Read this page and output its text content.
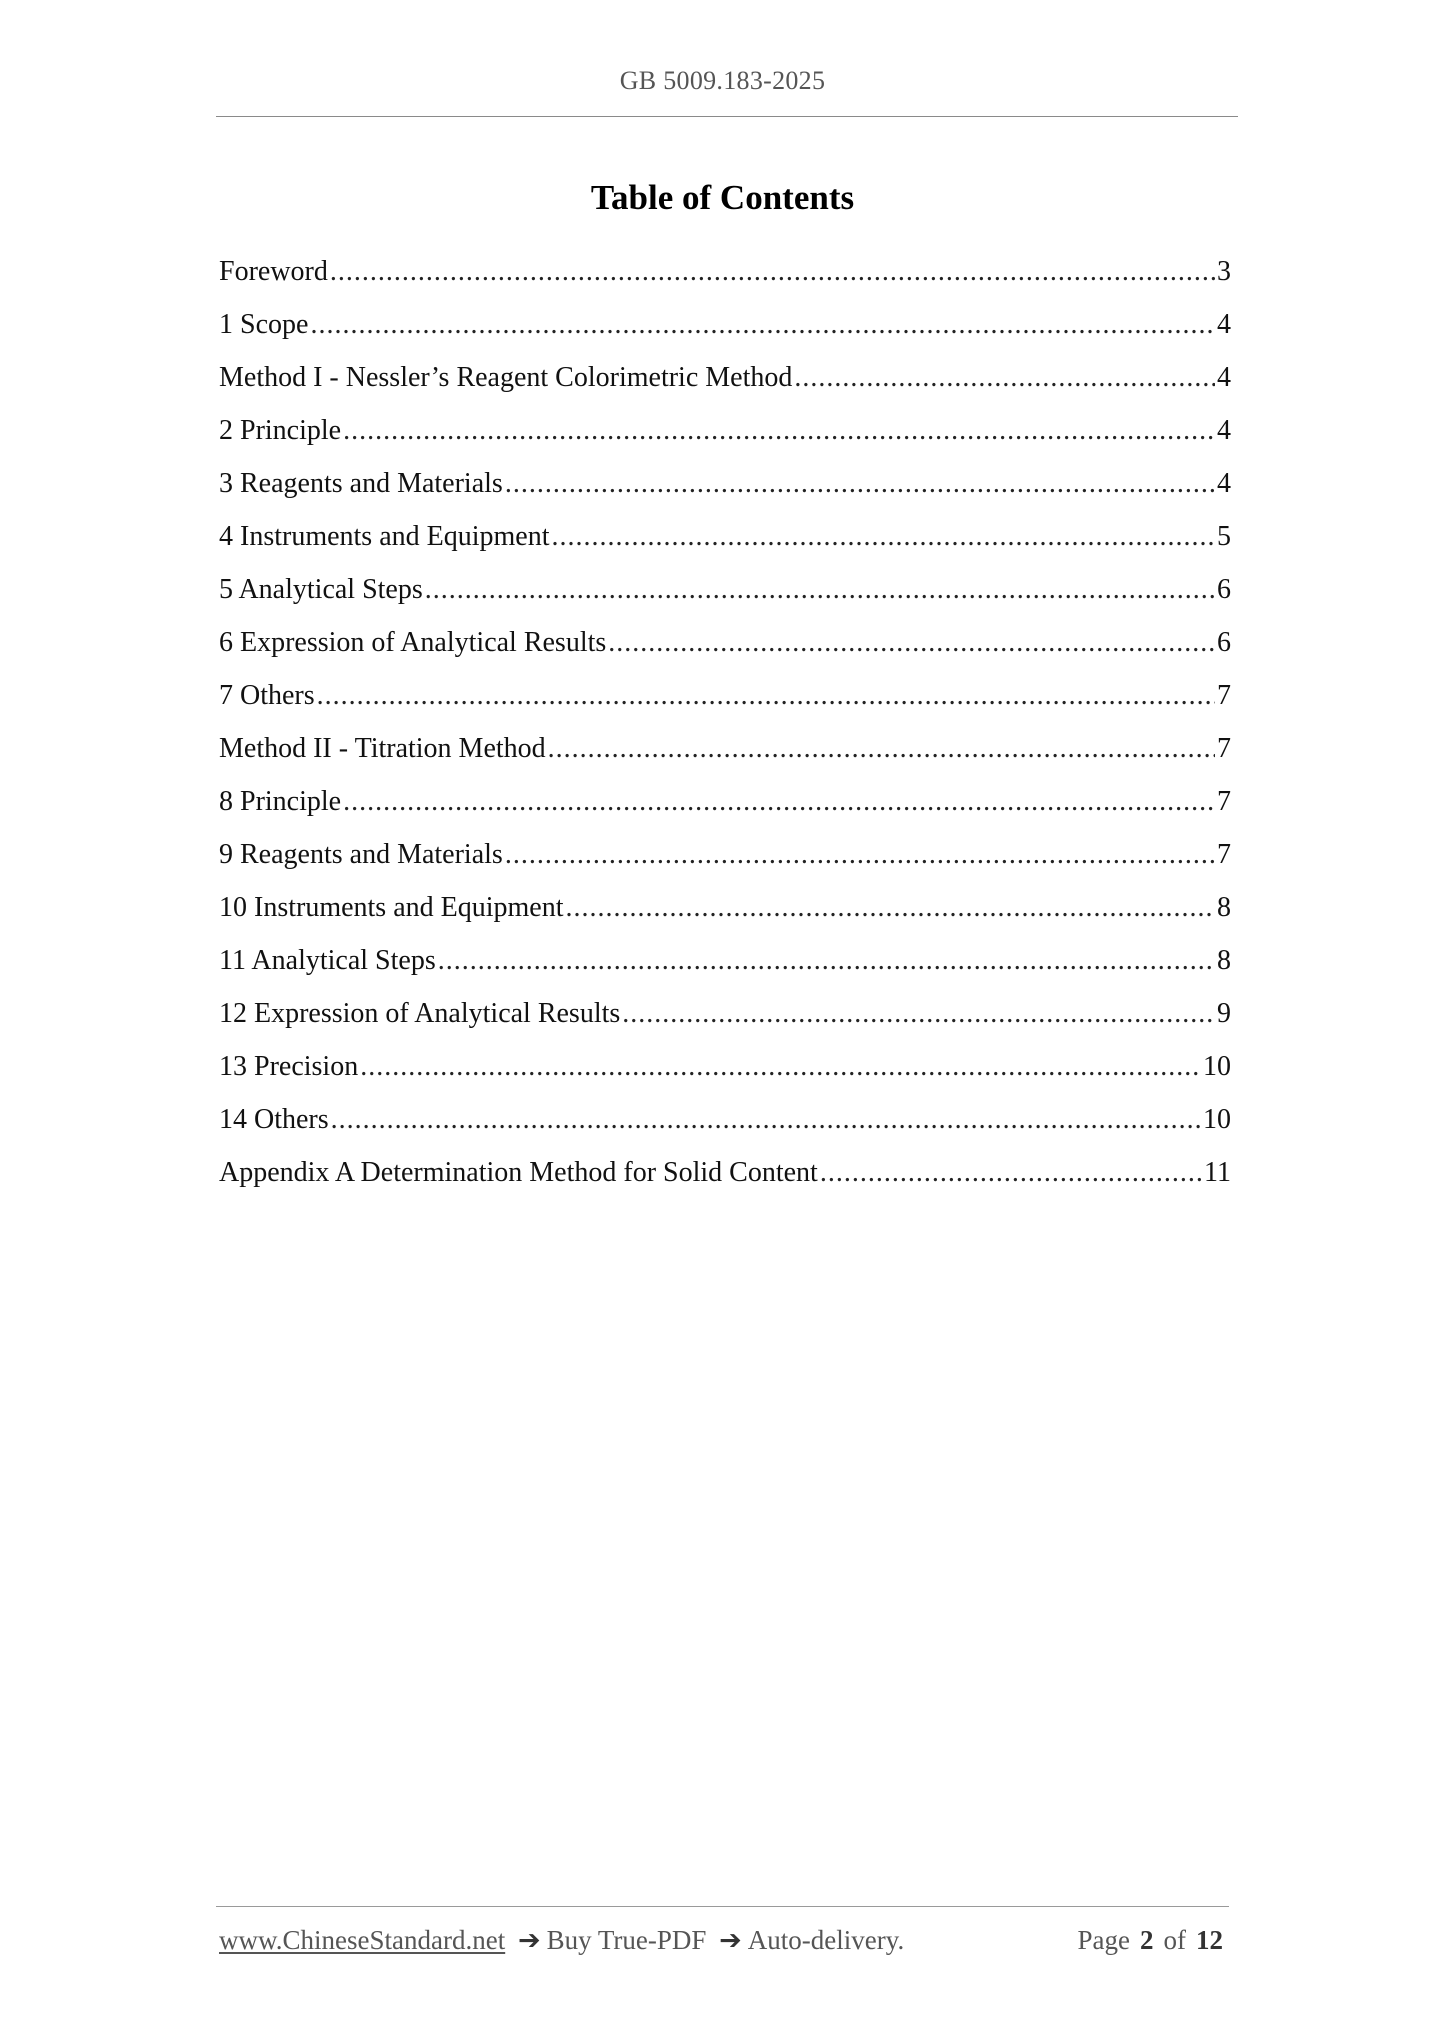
GB 5009.183-2025
Table of Contents
Foreword .....	3
1 Scope .....	4
Method I - Nessler’s Reagent Colorimetric Method .....	4
2 Principle .....	4
3 Reagents and Materials .....	4
4 Instruments and Equipment .....	5
5 Analytical Steps .....	6
6 Expression of Analytical Results .....	6
7 Others .....	7
Method II - Titration Method .....	7
8 Principle .....	7
9 Reagents and Materials .....	7
10 Instruments and Equipment .....	8
11 Analytical Steps .....	8
12 Expression of Analytical Results .....	9
13 Precision .....	10
14 Others .....	10
Appendix A Determination Method for Solid Content .....	11
www.ChineseStandard.net ➔ Buy True-PDF ➔ Auto-delivery.	Page 2 of 12
